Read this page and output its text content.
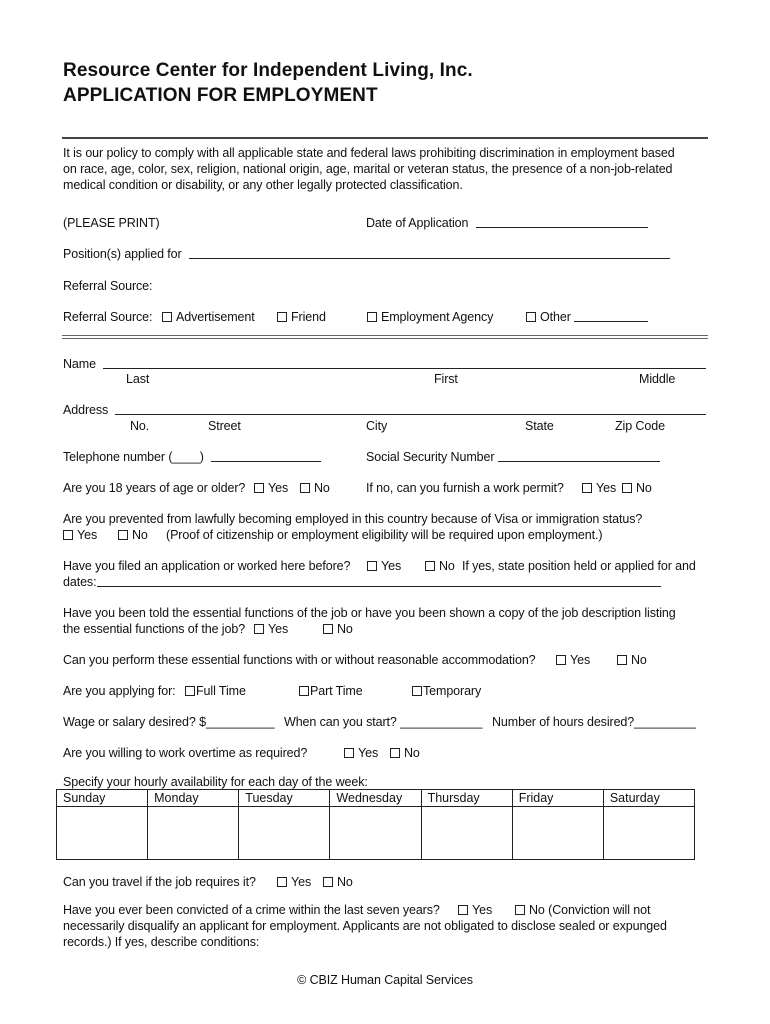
Resource Center for Independent Living, Inc.
APPLICATION FOR EMPLOYMENT
It is our policy to comply with all applicable state and federal laws prohibiting discrimination in employment based
on race, age, color, sex, religion, national origin, age, marital or veteran status, the presence of a non-job-related
medical condition or disability, or any other legally protected classification.
(PLEASE PRINT)	Date of Application
Position(s) applied for
Referral Source:
Referral Source:	Advertisement	Friend	Employment Agency	Other
Name
Last	First	Middle
Address
No.	Street	City	State	Zip Code
Telephone number (____)	Social Security Number
Are you 18 years of age or older?	Yes	No	If no, can you furnish a work permit?	Yes	No
Are you prevented from lawfully becoming employed in this country because of Visa or immigration status?
Yes	No (Proof of citizenship or employment eligibility will be required upon employment.)
Have you filed an application or worked here before?	Yes	No If yes, state position held or applied for and
dates:
Have you been told the essential functions of the job or have you been shown a copy of the job description listing
the essential functions of the job?	Yes	No
Can you perform these essential functions with or without reasonable accommodation?	Yes	No
Are you applying for:	Full Time	Part Time	Temporary
Wage or salary desired? $__________ When can you start? ____________ Number of hours desired?_________
Are you willing to work overtime as required?	Yes	No
Specify your hourly availability for each day of the week:
Sunday	Monday	Tuesday	Wednesday	Thursday	Friday	Saturday

Can you travel if the job requires it?	Yes	No
Have you ever been convicted of a crime within the last seven years?	Yes	No (Conviction will not
necessarily disqualify an applicant for employment. Applicants are not obligated to disclose sealed or expunged
records.) If yes, describe conditions:
© CBIZ Human Capital Services
